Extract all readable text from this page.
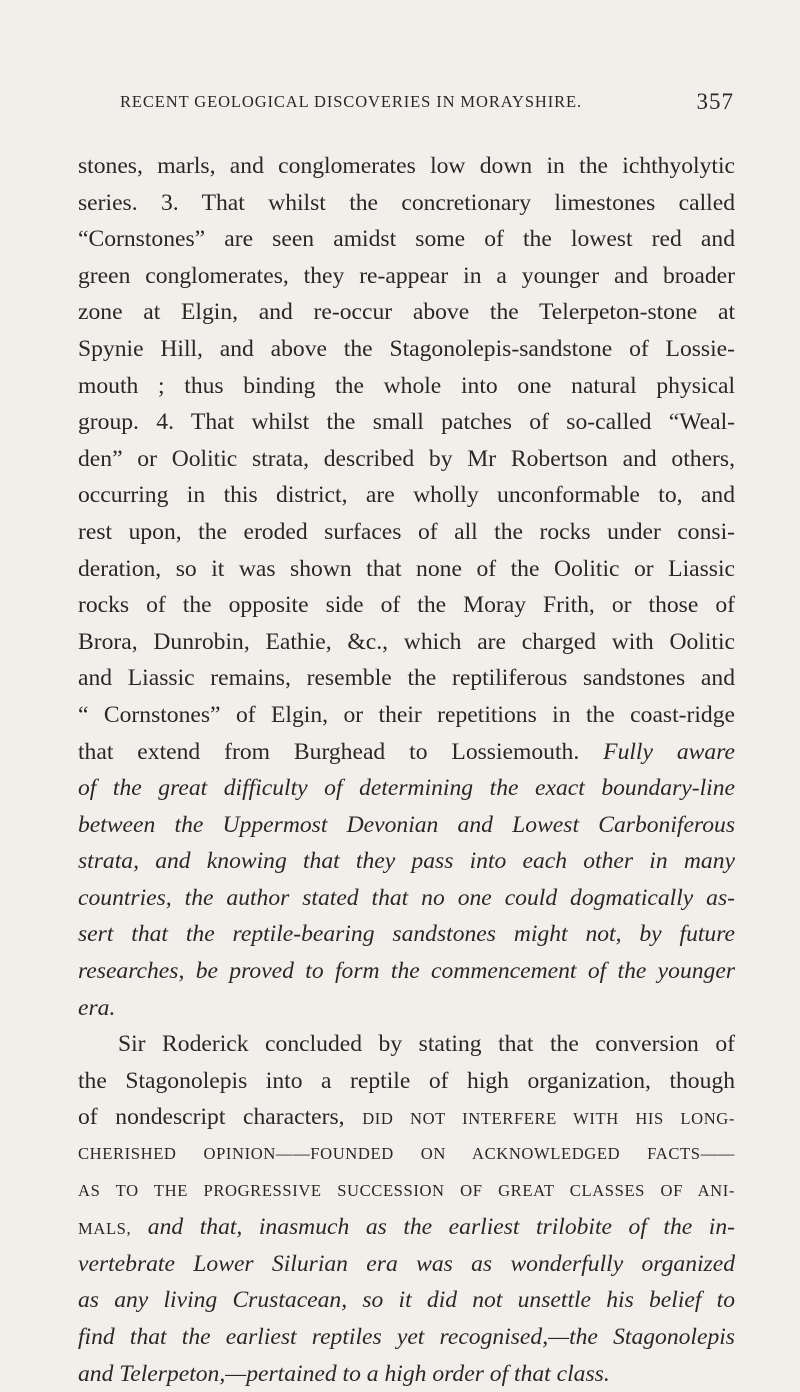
RECENT GEOLOGICAL DISCOVERIES IN MORAYSHIRE.	357
stones, marls, and conglomerates low down in the ichthyolytic
series. 3. That whilst the concretionary limestones called
“Cornstones” are seen amidst some of the lowest red and
green conglomerates, they re-appear in a younger and broader
zone at Elgin, and re-occur above the Telerpeton-stone at
Spynie Hill, and above the Stagonolepis-sandstone of Lossie-
mouth ; thus binding the whole into one natural physical
group. 4. That whilst the small patches of so-called “Weal-
den” or Oolitic strata, described by Mr Robertson and others,
occurring in this district, are wholly unconformable to, and
rest upon, the eroded surfaces of all the rocks under consi-
deration, so it was shown that none of the Oolitic or Liassic
rocks of the opposite side of the Moray Frith, or those of
Brora, Dunrobin, Eathie, &c., which are charged with Oolitic
and Liassic remains, resemble the reptiliferous sandstones and
“ Cornstones” of Elgin, or their repetitions in the coast-ridge
that extend from Burghead to Lossiemouth. Fully aware
of the great difficulty of determining the exact boundary-line
between the Uppermost Devonian and Lowest Carboniferous
strata, and knowing that they pass into each other in many
countries, the author stated that no one could dogmatically as-
sert that the reptile-bearing sandstones might not, by future
researches, be proved to form the commencement of the younger
era.
Sir Roderick concluded by stating that the conversion of
the Stagonolepis into a reptile of high organization, though
of nondescript characters, DID NOT INTERFERE WITH HIS LONG-
CHERISHED OPINION——FOUNDED ON ACKNOWLEDGED FACTS——
AS TO THE PROGRESSIVE SUCCESSION OF GREAT CLASSES OF ANI-
MALS, and that, inasmuch as the earliest trilobite of the in-
vertebrate Lower Silurian era was as wonderfully organized
as any living Crustacean, so it did not unsettle his belief to
find that the earliest reptiles yet recognised,—the Stagonolepis
and Telerpeton,—pertained to a high order of that class.
